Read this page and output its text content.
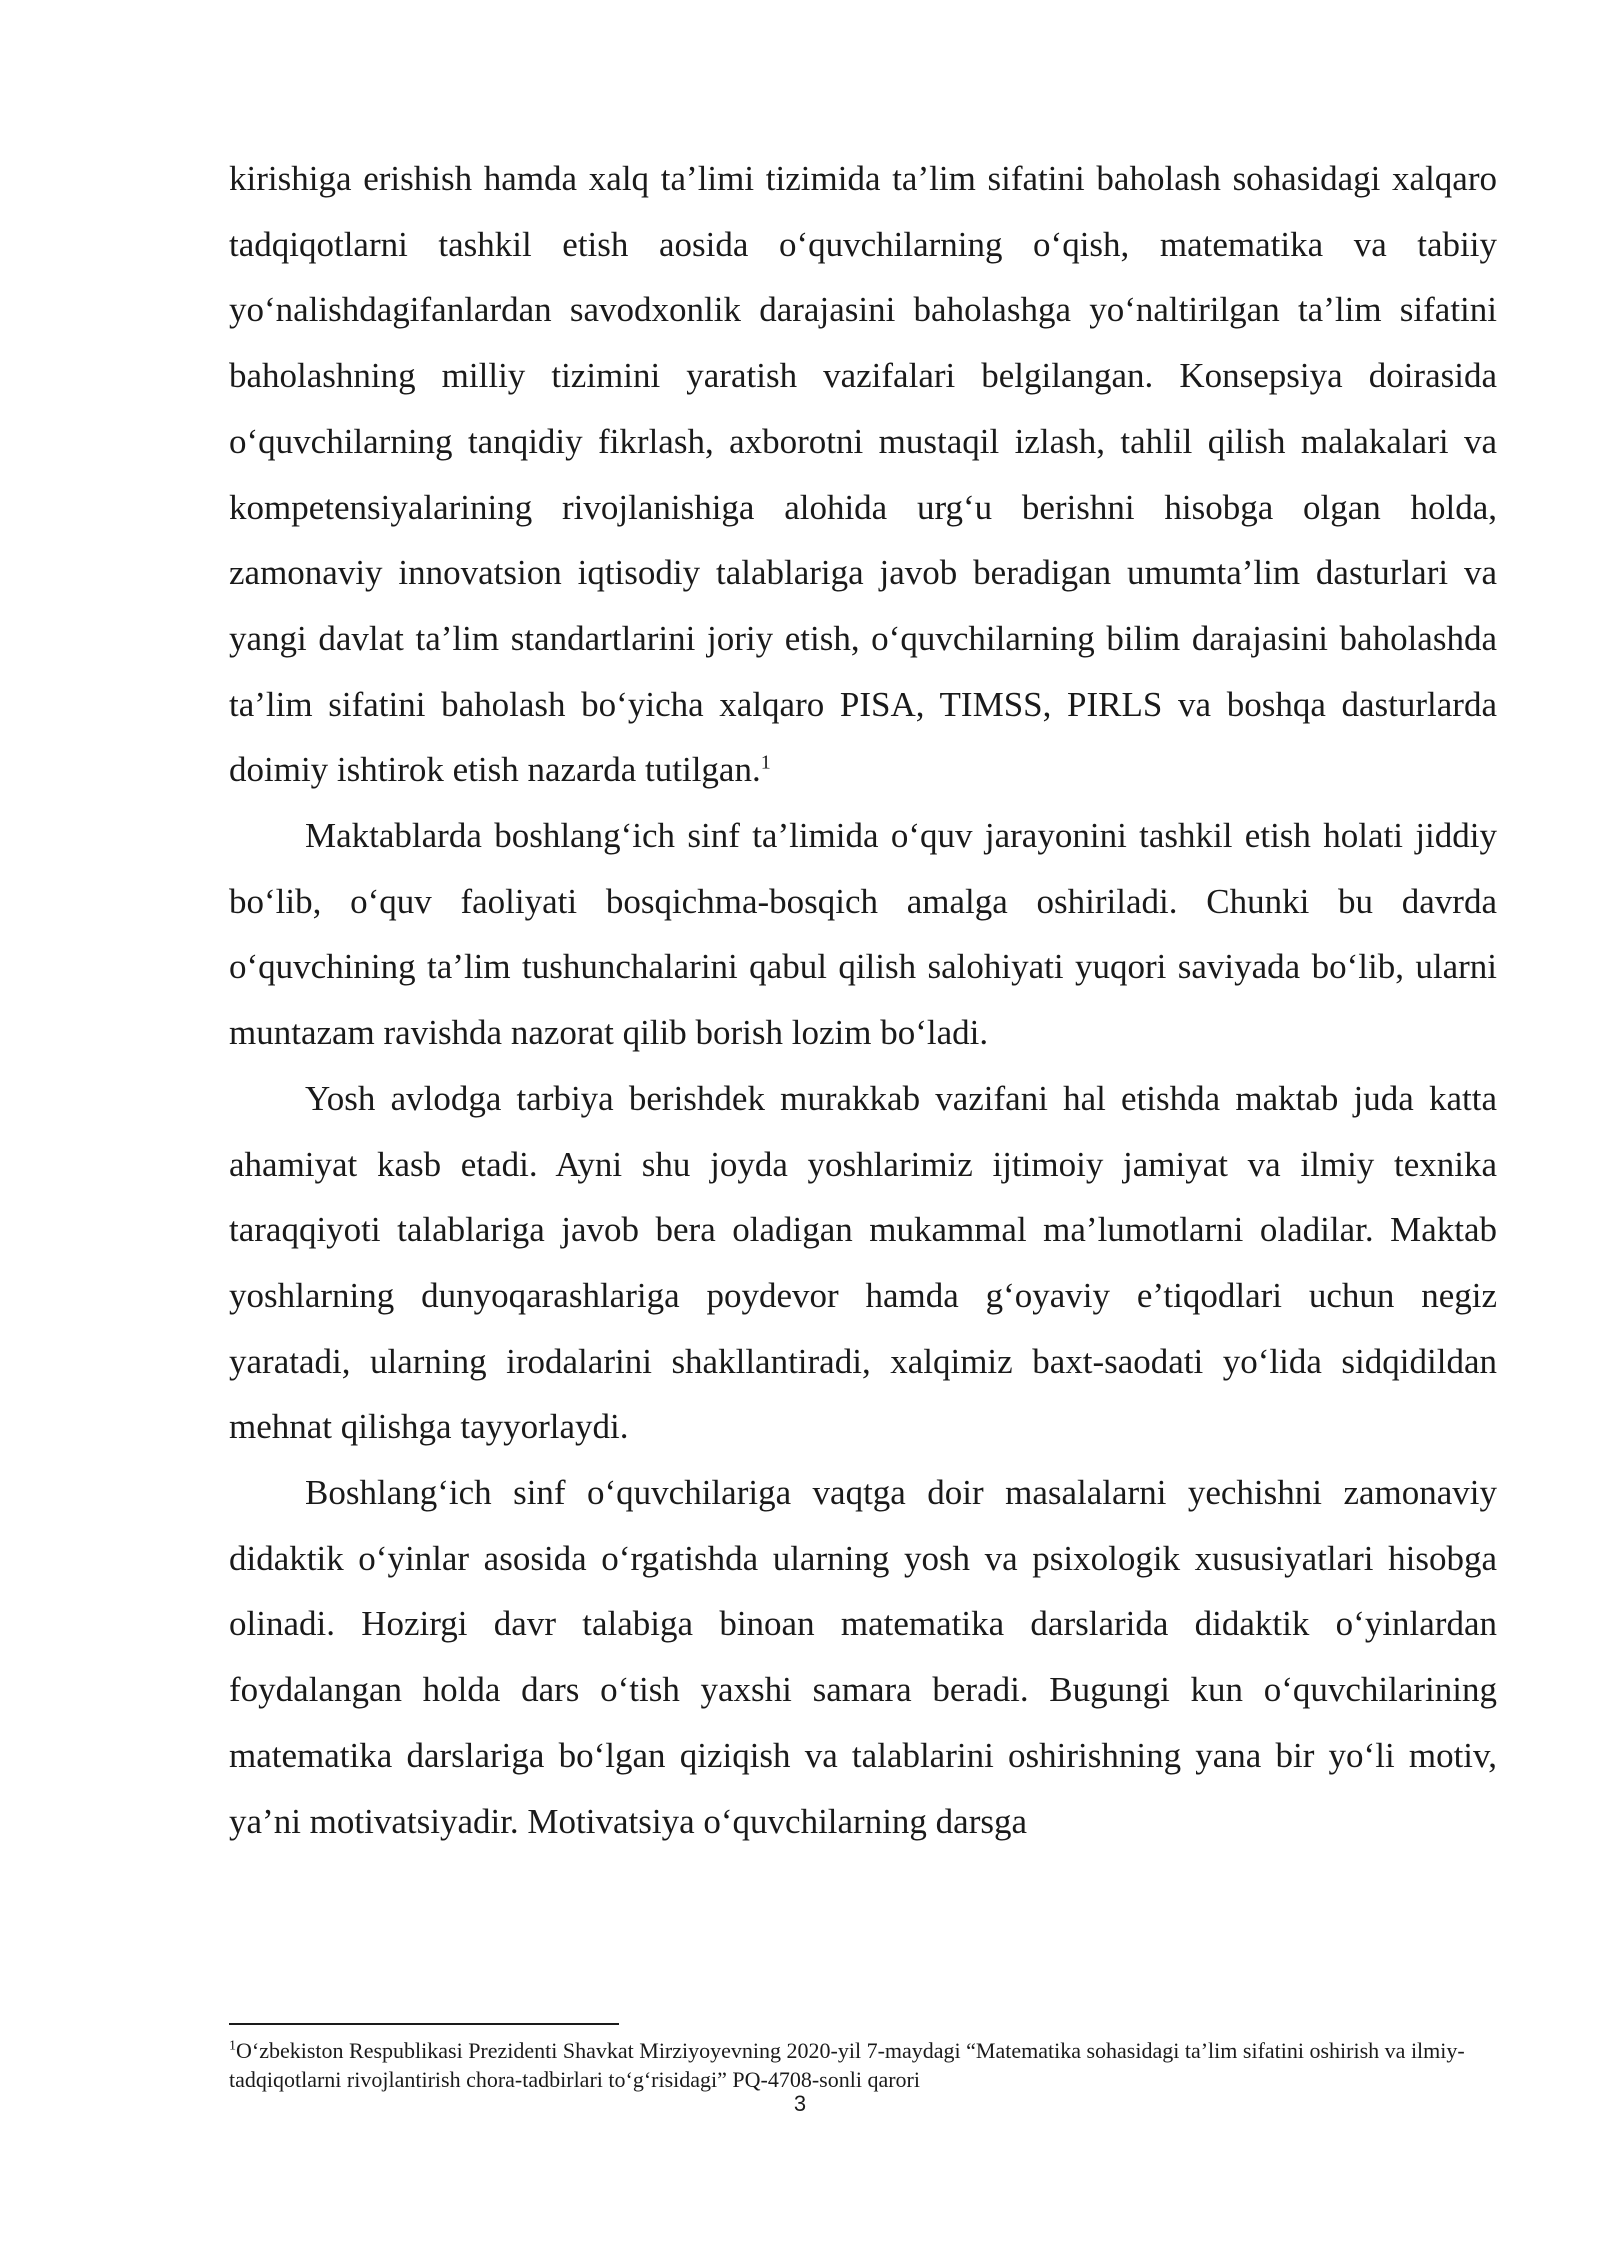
kirishiga erishish hamda xalq ta’limi tizimida ta’lim sifatini baholash sohasidagi xalqaro tadqiqotlarni tashkil etish aosida o‘quvchilarning o‘qish, matematika va tabiiy yo‘nalishdagifanlardan savodxonlik darajasini baholashga yo‘naltirilgan ta’lim sifatini baholashning milliy tizimini yaratish vazifalari belgilangan. Konsepsiya doirasida o‘quvchilarning tanqidiy fikrlash, axborotni mustaqil izlash, tahlil qilish malakalari va kompetensiyalarining rivojlanishiga alohida urg‘u berishni hisobga olgan holda, zamonaviy innovatsion iqtisodiy talablariga javob beradigan umumta’lim dasturlari va yangi davlat ta’lim standartlarini joriy etish, o‘quvchilarning bilim darajasini baholashda ta’lim sifatini baholash bo‘yicha xalqaro PISA, TIMSS, PIRLS va boshqa dasturlarda doimiy ishtirok etish nazarda tutilgan.$^1$

Maktablarda boshlang‘ich sinf ta’limida o‘quv jarayonini tashkil etish holati jiddiy bo‘lib, o‘quv faoliyati bosqichma-bosqich amalga oshiriladi. Chunki bu davrda o‘quvchining ta’lim tushunchalarini qabul qilish salohiyati yuqori saviyada bo‘lib, ularni muntazam ravishda nazorat qilib borish lozim bo‘ladi.

Yosh avlodga tarbiya berishdek murakkab vazifani hal etishda maktab juda katta ahamiyat kasb etadi. Ayni shu joyda yoshlarimiz ijtimoiy jamiyat va ilmiy texnika taraqqiyoti talablariga javob bera oladigan mukammal ma’lumotlarni oladilar. Maktab yoshlarning dunyoqarashlariga poydevor hamda g‘oyaviy e’tiqodlari uchun negiz yaratadi, ularning irodalarini shakllantiradi, xalqimiz baxt-saodati yo‘lida sidqidildan mehnat qilishga tayyorlaydi.

Boshlang‘ich sinf o‘quvchilariga vaqtga doir masalalarni yechishni zamonaviy didaktik o‘yinlar asosida o‘rgatishda ularning yosh va psixologik xususiyatlari hisobga olinadi. Hozirgi davr talabiga binoan matematika darslarida didaktik o‘yinlardan foydalangan holda dars o‘tish yaxshi samara beradi. Bugungi kun o‘quvchilarining matematika darslariga bo‘lgan qiziqish va talablarini oshirishning yana bir yo‘li motiv, ya’ni motivatsiyadir. Motivatsiya o‘quvchilarning darsga

$^1$O‘zbekiston Respublikasi Prezidenti Shavkat Mirziyoyevning 2020-yil 7-maydagi “Matematika sohasidagi ta’lim sifatini oshirish va ilmiy-tadqiqotlarni rivojlantirish chora-tadbirlari to‘g‘risidagi” PQ-4708-sonli qarori
3
